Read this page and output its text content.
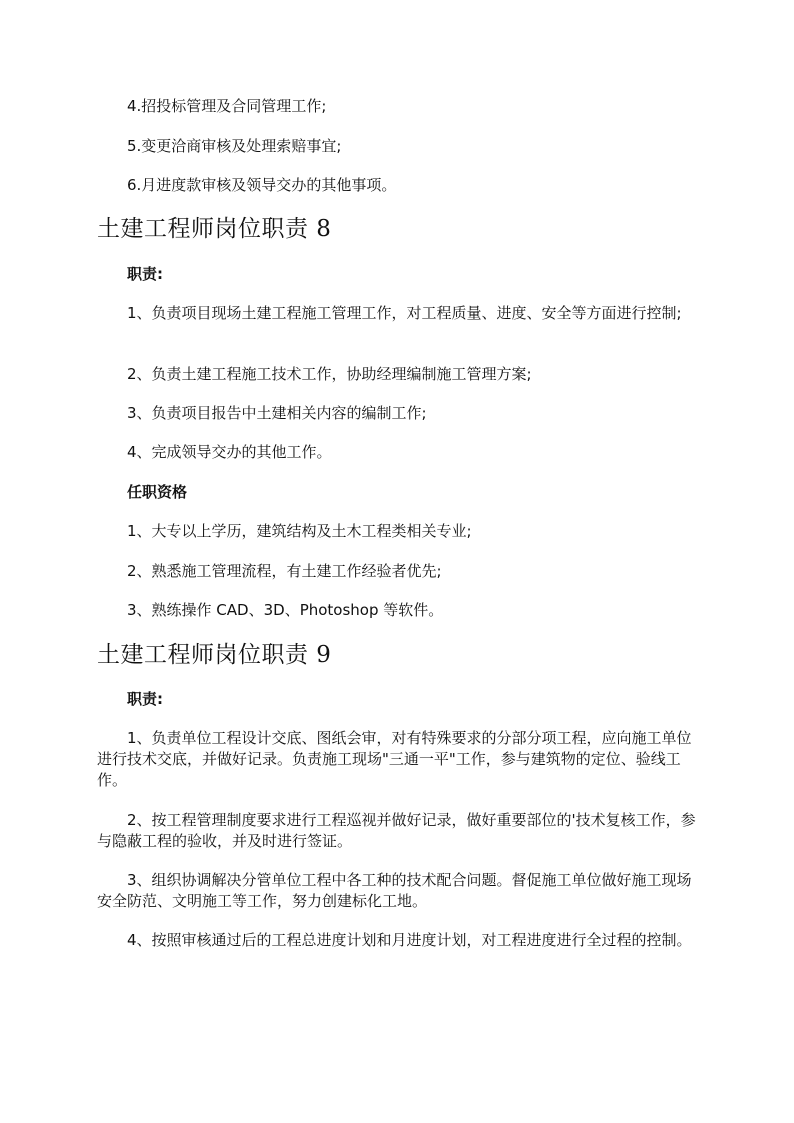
4.招投标管理及合同管理工作;

5.变更洽商审核及处理索赔事宜;

6.月进度款审核及领导交办的其他事项。

土建工程师岗位职责 8

职责:

1、负责项目现场土建工程施工管理工作，对工程质量、进度、安全等方面进行控制;

2、负责土建工程施工技术工作，协助经理编制施工管理方案;

3、负责项目报告中土建相关内容的编制工作;

4、完成领导交办的其他工作。

任职资格

1、大专以上学历，建筑结构及土木工程类相关专业;

2、熟悉施工管理流程，有土建工作经验者优先;

3、熟练操作 CAD、3D、Photoshop 等软件。

土建工程师岗位职责 9

职责:

1、负责单位工程设计交底、图纸会审，对有特殊要求的分部分项工程，应向施工单位进行技术交底，并做好记录。负责施工现场"三通一平"工作，参与建筑物的定位、验线工作。

2、按工程管理制度要求进行工程巡视并做好记录，做好重要部位的'技术复核工作，参与隐蔽工程的验收，并及时进行签证。

3、组织协调解决分管单位工程中各工种的技术配合问题。督促施工单位做好施工现场安全防范、文明施工等工作，努力创建标化工地。

4、按照审核通过后的工程总进度计划和月进度计划，对工程进度进行全过程的控制。
